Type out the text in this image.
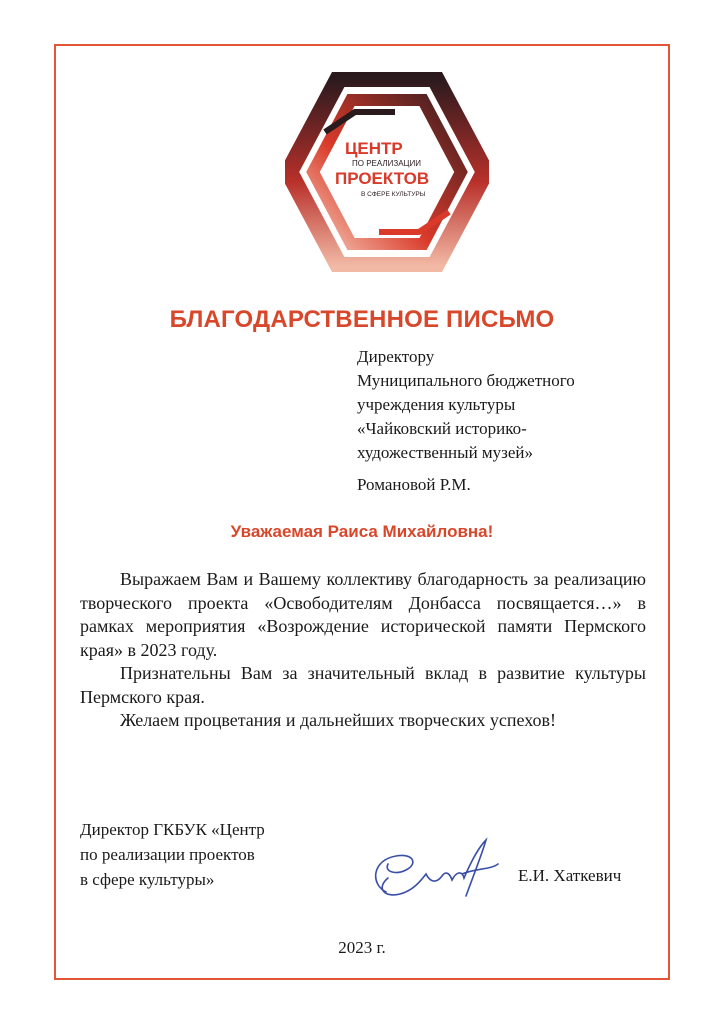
ЦЕНТР
ПО РЕАЛИЗАЦИИ
ПРОЕКТОВ
В СФЕРЕ КУЛЬТУРЫ
БЛАГОДАРСТВЕННОЕ ПИСЬМО
Директору
Муниципального бюджетного
учреждения культуры
«Чайковский историко-
художественный музей»
Романовой Р.М.
Уважаемая Раиса Михайловна!

Выражаем Вам и Вашему коллективу благодарность за реализацию творческого проекта «Освободителям Донбасса посвящается…» в рамках мероприятия «Возрождение исторической памяти Пермского края» в 2023 году.

Признательны Вам за значительный вклад в развитие культуры Пермского края.

Желаем процветания и дальнейших творческих успехов!

Директор ГКБУК «Центр
по реализации проектов
в сфере культуры»	Е.И. Хаткевич
2023 г.
